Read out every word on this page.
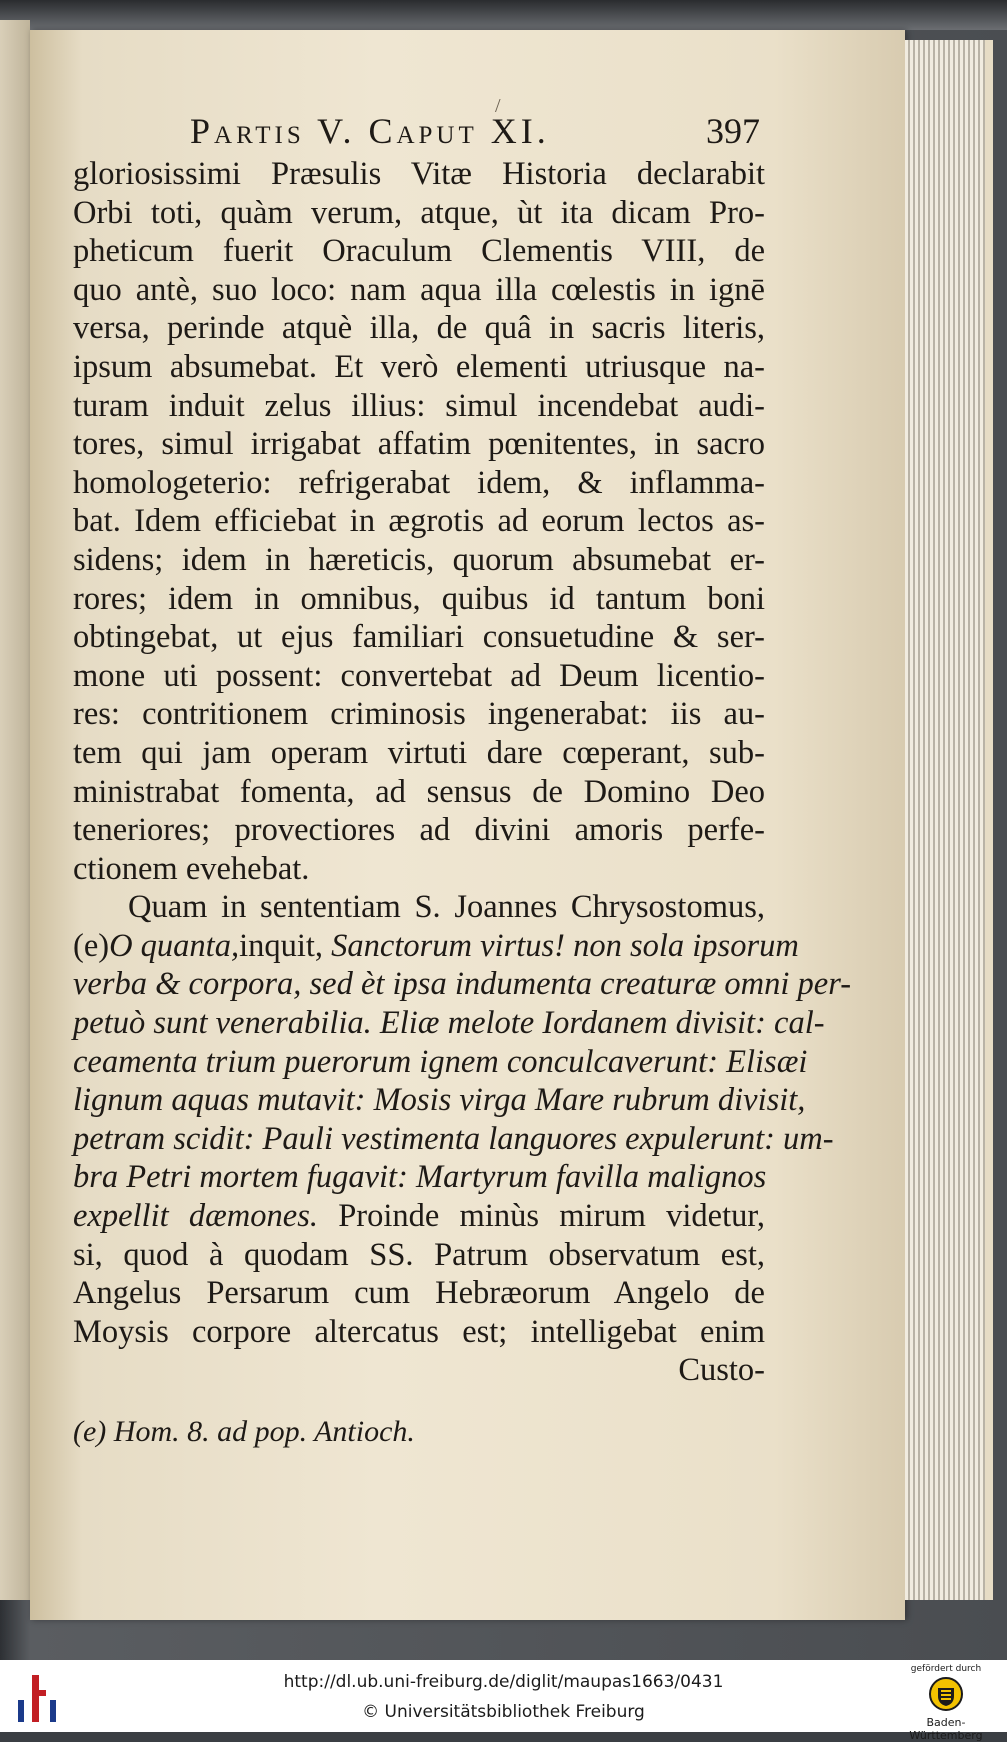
/
Partis V. Caput XI.	397
gloriosissimi Præsulis Vitæ Historia declarabit
Orbi toti, quàm verum, atque, ùt ita dicam Pro-
pheticum fuerit Oraculum Clementis VIII, de
quo antè, suo loco: nam aqua illa cœlestis in ignē
versa, perinde atquè illa, de quâ in sacris literis,
ipsum absumebat. Et verò elementi utriusque na-
turam induit zelus illius: simul incendebat audi-
tores, simul irrigabat affatim pœnitentes, in sacro
homologeterio: refrigerabat idem, & inflamma-
bat. Idem efficiebat in ægrotis ad eorum lectos as-
sidens; idem in hæreticis, quorum absumebat er-
rores; idem in omnibus, quibus id tantum boni
obtingebat, ut ejus familiari consuetudine & ser-
mone uti possent: convertebat ad Deum licentio-
res: contritionem criminosis ingenerabat: iis au-
tem qui jam operam virtuti dare cœperant, sub-
ministrabat fomenta, ad sensus de Domino Deo
teneriores; provectiores ad divini amoris perfe-
ctionem evehebat.
Quam in sententiam S. Joannes Chrysostomus,
(e)O quanta,inquit, Sanctorum virtus! non sola ipsorum
verba & corpora, sed èt ipsa indumenta creaturæ omni per-
petuò sunt venerabilia. Eliæ melote Iordanem divisit: cal-
ceamenta trium puerorum ignem conculcaverunt: Elisæi
lignum aquas mutavit: Mosis virga Mare rubrum divisit,
petram scidit: Pauli vestimenta languores expulerunt: um-
bra Petri mortem fugavit: Martyrum favilla malignos
expellit dæmones. Proinde minùs mirum videtur,
si, quod à quodam SS. Patrum observatum est,
Angelus Persarum cum Hebræorum Angelo de
Moysis corpore altercatus est; intelligebat enim
Custo-
(e) Hom. 8. ad pop. Antioch.
http://dl.ub.uni-freiburg.de/diglit/maupas1663/0431
© Universitätsbibliothek Freiburg
gefördert durch
Baden-Württemberg
